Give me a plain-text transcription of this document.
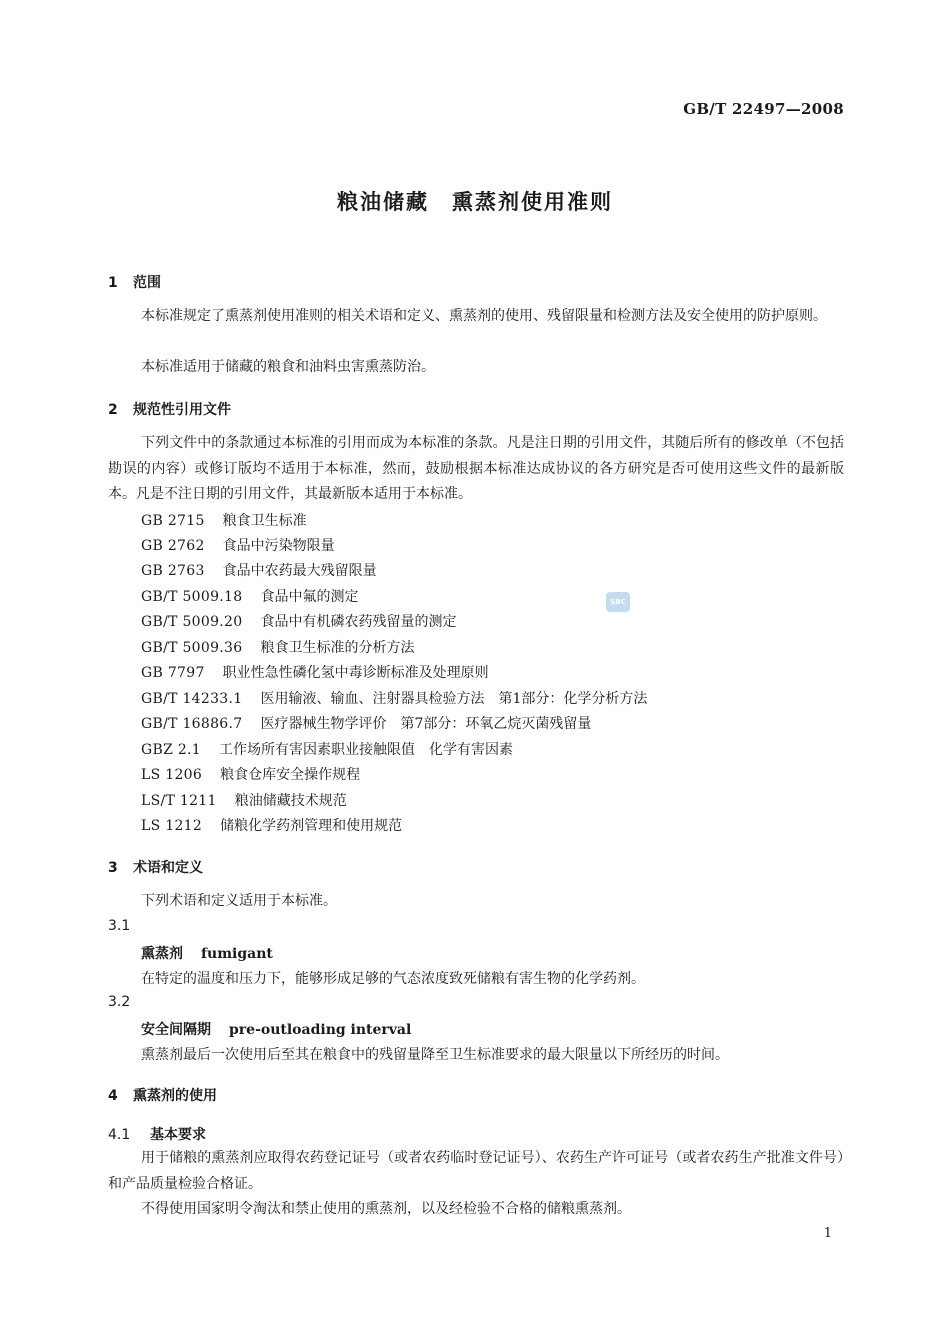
GB/T 22497—2008
粮油储藏　熏蒸剂使用准则
1 范围
本标准规定了熏蒸剂使用准则的相关术语和定义、熏蒸剂的使用、残留限量和检测方法及安全使用的防护原则。
本标准适用于储藏的粮食和油料虫害熏蒸防治。
2 规范性引用文件
下列文件中的条款通过本标准的引用而成为本标准的条款。凡是注日期的引用文件，其随后所有的修改单（不包括勘误的内容）或修订版均不适用于本标准，然而，鼓励根据本标准达成协议的各方研究是否可使用这些文件的最新版本。凡是不注日期的引用文件，其最新版本适用于本标准。
GB 2715 粮食卫生标准
GB 2762 食品中污染物限量
GB 2763 食品中农药最大残留限量
GB/T 5009.18 食品中氟的测定
GB/T 5009.20 食品中有机磷农药残留量的测定
GB/T 5009.36 粮食卫生标准的分析方法
GB 7797 职业性急性磷化氢中毒诊断标准及处理原则
GB/T 14233.1 医用输液、输血、注射器具检验方法　第1部分：化学分析方法
GB/T 16886.7 医疗器械生物学评价　第7部分：环氧乙烷灭菌残留量
GBZ 2.1 工作场所有害因素职业接触限值　化学有害因素
LS 1206 粮食仓库安全操作规程
LS/T 1211 粮油储藏技术规范
LS 1212 储粮化学药剂管理和使用规范
3 术语和定义
下列术语和定义适用于本标准。
3.1
熏蒸剂 fumigant
在特定的温度和压力下，能够形成足够的气态浓度致死储粮有害生物的化学药剂。
3.2
安全间隔期 pre-outloading interval
熏蒸剂最后一次使用后至其在粮食中的残留量降至卫生标准要求的最大限量以下所经历的时间。
4 熏蒸剂的使用
4.1 基本要求
用于储粮的熏蒸剂应取得农药登记证号（或者农药临时登记证号）、农药生产许可证号（或者农药生产批准文件号）和产品质量检验合格证。
不得使用国家明令淘汰和禁止使用的熏蒸剂，以及经检验不合格的储粮熏蒸剂。
SBC
1
